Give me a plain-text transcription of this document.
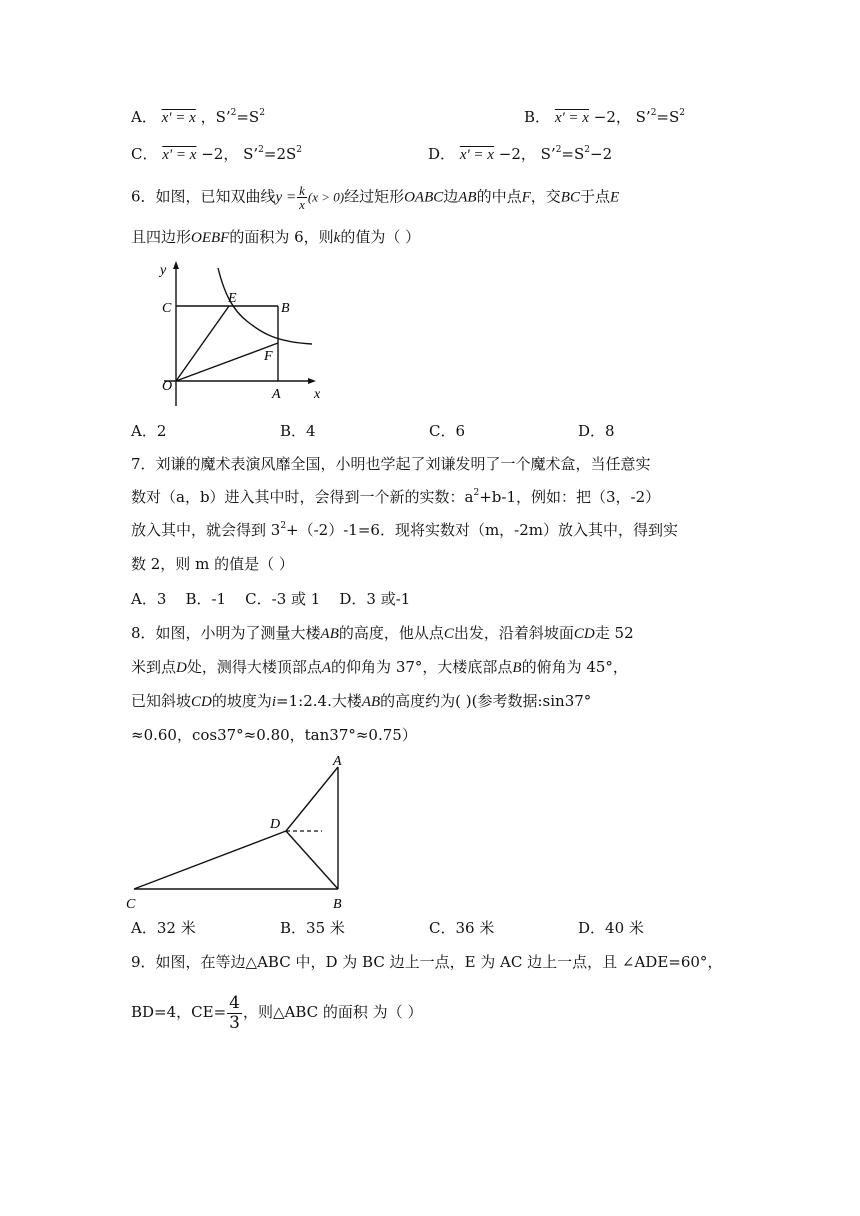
A． x' = x ，$S’^2=S^2$	B． x' = x −2， $S’^2=S^2$
C． x' = x −2， $S’^2=2S^2$	D． x' = x −2， $S’^2=S^2-2$
6．如图，已知双曲线$y = \frac{k}{x} (x > 0)$经过矩形OABC边AB的中点F，交BC于点E
且四边形OEBF的面积为 6，则k的值为（ ）
y
x
C
E
B
F
O
A
A．2	B．4	C．6	D．8
7．刘谦的魔术表演风靡全国，小明也学起了刘谦发明了一个魔术盒，当任意实
数对（a，b）进入其中时，会得到一个新的实数：$a^2+b-1$，例如：把（3，-2）
放入其中，就会得到 $3^2+(-2)-1=6$．现将实数对（m，-2m）放入其中，得到实
数 2，则 m 的值是（ ）
A．3    B．-1    C．-3 或 1    D．3 或-1
8．如图，小明为了测量大楼AB的高度，他从点C出发，沿着斜坡面CD走 52
米到点D处，测得大楼顶部点A的仰角为 37°，大楼底部点B的俯角为 45°，
已知斜坡CD的坡度为i=1:2.4.大楼AB的高度约为( )(参考数据:sin37°
≈0.60，cos37°≈0.80，tan37°≈0.75）
A
D
C	B
A．32 米	B．35 米	C．36 米	D．40 米
9．如图，在等边△ABC 中，D 为 BC 边上一点，E 为 AC 边上一点，且 ∠ADE=60°，
BD=4，$CE= \frac{4}{3}$ ，则△ABC 的面积 为（ ）
